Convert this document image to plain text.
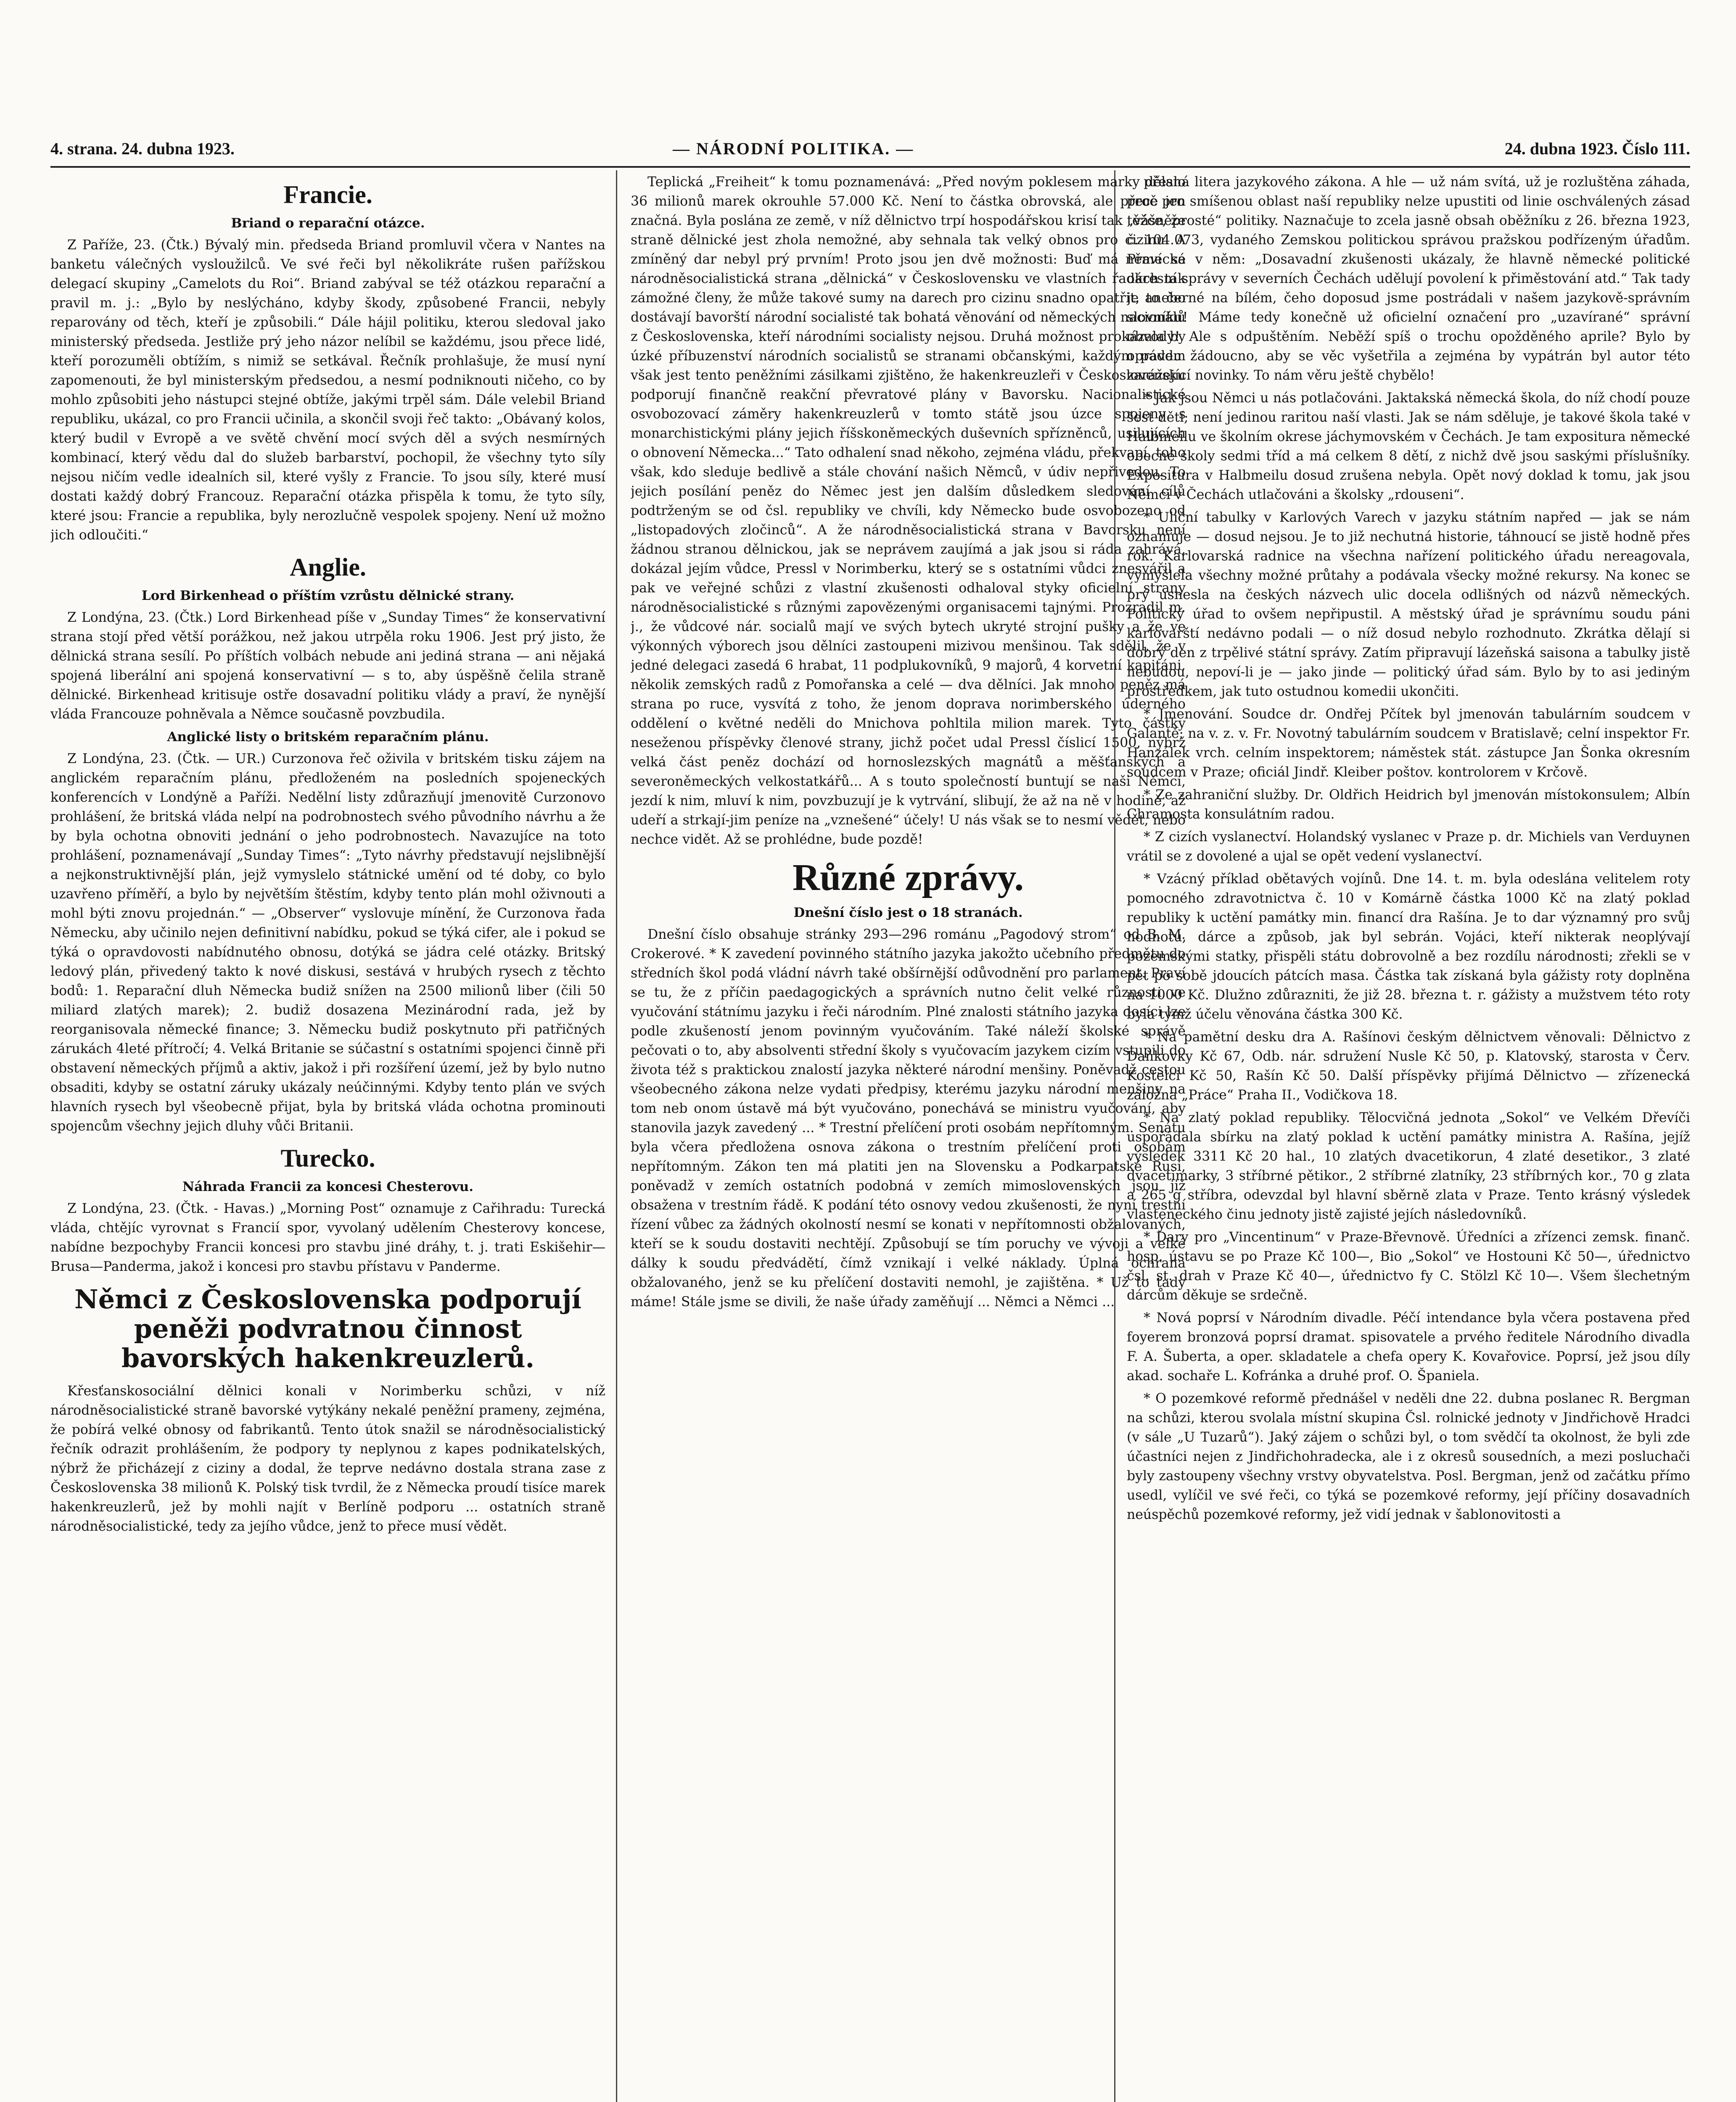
4. strana. 24. dubna 1923.	— NÁRODNÍ POLITIKA. —	24. dubna 1923. Číslo 111.
Francie.
Briand o reparační otázce.

Z Paříže, 23. (Čtk.) Bývalý min. předseda Briand promluvil včera v Nantes na banketu válečných vysloužilců. Ve své řeči byl několikráte rušen pařížskou delegací skupiny „Camelots du Roi“. Briand zabýval se též otázkou reparační a pravil m. j.: „Bylo by neslýcháno, kdyby škody, způsobené Francii, nebyly reparovány od těch, kteří je způsobili.“ Dále hájil politiku, kterou sledoval jako ministerský předseda. Jestliže prý jeho názor nelíbil se každému, jsou přece lidé, kteří porozuměli obtížím, s nimiž se setkával. Řečník prohlašuje, že musí nyní zapomenouti, že byl ministerským předsedou, a nesmí podniknouti ničeho, co by mohlo způsobiti jeho nástupci stejné obtíže, jakými trpěl sám. Dále velebil Briand republiku, ukázal, co pro Francii učinila, a skončil svoji řeč takto: „Obávaný kolos, který budil v Evropě a ve světě chvění mocí svých děl a svých nesmírných kombinací, který vědu dal do služeb barbarství, pochopil, že všechny tyto síly nejsou ničím vedle idealních sil, které vyšly z Francie. To jsou síly, které musí dostati každý dobrý Francouz. Reparační otázka přispěla k tomu, že tyto síly, které jsou: Francie a republika, byly nerozlučně vespolek spojeny. Není už možno jich odloučiti.“

Anglie.
Lord Birkenhead o příštím vzrůstu dělnické strany.

Z Londýna, 23. (Čtk.) Lord Birkenhead píše v „Sunday Times“ že konservativní strana stojí před větší porážkou, než jakou utrpěla roku 1906. Jest prý jisto, že dělnická strana sesílí. Po příštích volbách nebude ani jediná strana — ani nějaká spojená liberální ani spojená konservativní — s to, aby úspěšně čelila straně dělnické. Birkenhead kritisuje ostře dosavadní politiku vlády a praví, že nynější vláda Francouze pohněvala a Němce současně povzbudila.

Anglické listy o britském reparačním plánu.

Z Londýna, 23. (Čtk. — UR.) Curzonova řeč oživila v britském tisku zájem na anglickém reparačním plánu, předloženém na posledních spojeneckých konferencích v Londýně a Paříži. Nedělní listy zdůrazňují jmenovitě Curzonovo prohlášení, že britská vláda nelpí na podrobnostech svého původního návrhu a že by byla ochotna obnoviti jednání o jeho podrobnostech. Navazujíce na toto prohlášení, poznamenávají „Sunday Times“: „Tyto návrhy představují nejslibnější a nejkonstruktivnější plán, jejž vymyslelo státnické umění od té doby, co bylo uzavřeno příměří, a bylo by největším štěstím, kdyby tento plán mohl oživnouti a mohl býti znovu projednán.“ — „Observer“ vyslovuje mínění, že Curzonova řada Německu, aby učinilo nejen definitivní nabídku, pokud se týká cifer, ale i pokud se týká o opravdovosti nabídnutého obnosu, dotýká se jádra celé otázky. Britský ledový plán, přivedený takto k nové diskusi, sestává v hrubých rysech z těchto bodů: 1. Reparační dluh Německa budiž snížen na 2500 milionů liber (čili 50 miliard zlatých marek); 2. budiž dosazena Mezinárodní rada, jež by reorganisovala německé finance; 3. Německu budiž poskytnuto při patřičných zárukách 4leté přítročí; 4. Velká Britanie se súčastní s ostatními spojenci činně při obstavení německých příjmů a aktiv, jakož i při rozšíření území, jež by bylo nutno obsaditi, kdyby se ostatní záruky ukázaly neúčinnými. Kdyby tento plán ve svých hlavních rysech byl všeobecně přijat, byla by britská vláda ochotna prominouti spojencům všechny jejich dluhy vůči Britanii.

Turecko.
Náhrada Francii za koncesi Chesterovu.

Z Londýna, 23. (Čtk. - Havas.) „Morning Post“ oznamuje z Cařihradu: Turecká vláda, chtějíc vyrovnat s Francií spor, vyvolaný udělením Chesterovy koncese, nabídne bezpochyby Francii koncesi pro stavbu jiné dráhy, t. j. trati Eskišehir—Brusa—Panderma, jakož i koncesi pro stavbu přístavu v Panderme.

Němci z Československa podporují peněži podvratnou činnost bavorských hakenkreuzlerů.

Křesťanskosociální dělnici konali v Norimberku schůzi, v níž národněsocialistické straně bavorské vytýkány nekalé peněžní prameny, zejména, že pobírá velké obnosy od fabrikantů. Tento útok snažil se národněsocialistický řečník odrazit prohlášením, že podpory ty neplynou z kapes podnikatelských, nýbrž že přicházejí z ciziny a dodal, že teprve nedávno dostala strana zase z Československa 38 milionů K. Polský tisk tvrdil, že z Německa proudí tisíce marek hakenkreuzlerů, jež by mohli najít v Berlíně podporu ... ostatních straně národněsocialistické, tedy za jejího vůdce, jenž to přece musí vědět.

Teplická „Freiheit“ k tomu poznamenává: „Před novým poklesem marky dělalo 36 milionů marek okrouhle 57.000 Kč. Není to částka obrovská, ale přece jen značná. Byla poslána ze země, v níž dělnictvo trpí hospodářskou krisí tak těžce, že straně dělnické jest zhola nemožné, aby sehnala tak velký obnos pro cizinu. A zmíněný dar nebyl prý prvním! Proto jsou jen dvě možnosti: Buď má německá národněsocialistická strana „dělnická“ v Československu ve vlastních řadách tak zámožné členy, že může takové sumy na darech pro cizinu snadno opatřit, anebo dostávají bavorští národní socialisté tak bohatá věnování od německých nacionálů z Československa, kteří národními socialisty nejsou. Druhá možnost prokázala by úzké příbuzenství národních socialistů se stranami občanskými, každým pádem však jest tento peněžními zásilkami zjištěno, že hakenkreuzleři v Československu podporují finančně reakční převratové plány v Bavorsku. Nacionalistické osvobozovací záměry hakenkreuzlerů v tomto státě jsou úzce spojeny s monarchistickými plány jejich říšskoněmeckých duševních spřízněnců, usilujících o obnovení Německa...“ Tato odhalení snad někoho, zejména vládu, překvapí, toho však, kdo sleduje bedlivě a stále chování našich Němců, v údiv nepřivedou. To jejich posílání peněz do Němec jest jen dalším důsledkem sledování cílů podtrženým se od čsl. republiky ve chvíli, kdy Německo bude osvobozeno od „listopadových zločinců“. A že národněsocialistická strana v Bavorsku není žádnou stranou dělnickou, jak se neprávem zaujímá a jak jsou si ráda zahrává, dokázal jejím vůdce, Pressl v Norimberku, který se s ostatními vůdci znesvářil a pak ve veřejné schůzi z vlastní zkušenosti odhaloval styky oficielní strany národněsocialistické s různými zapovězenými organisacemi tajnými. Prozradil m. j., že vůdcové nár. socialů mají ve svých bytech ukryté strojní pušky a že ve výkonných výborech jsou dělníci zastoupeni mizivou menšinou. Tak sdělil, že v jedné delegaci zasedá 6 hrabat, 11 podplukovníků, 9 majorů, 4 korvetní kapitáni, několik zemských radů z Pomořanska a celé — dva dělníci. Jak mnoho peněz má strana po ruce, vysvítá z toho, že jenom doprava norimberského úderného oddělení o květné neděli do Mnichova pohltila milion marek. Tyto částky neseženou příspěvky členové strany, jichž počet udal Pressl číslicí 1500, nýbrž velká část peněz dochází od hornoslezských magnátů a měšťanských a severoněmeckých velkostatkářů... A s touto společností buntují se naši Němci, jezdí k nim, mluví k nim, povzbuzují je k vytrvání, slibují, že až na ně v hodině, až udeří a strkají-jim peníze na „vznešené“ účely! U nás však se to nesmí vědět, nebo nechce vidět. Až se prohlédne, bude pozdě!

Různé zprávy.
Dnešní číslo jest o 18 stranách.

Dnešní číslo obsahuje stránky 293—296 románu „Pagodový strom“ od B. M. Crokerové. * K zavedení povinného státního jazyka jakožto učebního předmětu do středních škol podá vládní návrh také obšírnější odůvodnění pro parlament. Praví se tu, že z příčin paedagogických a správních nutno čelit velké různosti ve vyučování státnímu jazyku i řeči národním. Plné znalosti státního jazyka dosíci lze podle zkušeností jenom povinným vyučováním. Také náleží školské správě pečovati o to, aby absolventi střední školy s vyučovacím jazykem cizím vstupili do života též s praktickou znalostí jazyka některé národní menšiny. Poněvadž cestou všeobecného zákona nelze vydati předpisy, kterému jazyku národní menšiny na tom neb onom ústavě má být vyučováno, ponechává se ministru vyučování, aby stanovila jazyk zavedený ... * Trestní přelíčení proti osobám nepřítomným. Senátu byla včera předložena osnova zákona o trestním přelíčení proti osobám nepřítomným. Zákon ten má platiti jen na Slovensku a Podkarpatské Rusi, poněvadž v zemích ostatních podobná v zemích mimoslovenských jsou již obsažena v trestním řádě. K podání této osnovy vedou zkušenosti, že nyní trestní řízení vůbec za žádných okolností nesmí se konati v nepřítomnosti obžalovaných, kteří se k soudu dostaviti nechtějí. Způsobují se tím poruchy ve vývoji a velké dálky k soudu předvádětí, čímž vznikají i velké náklady. Úplná ochrana obžalovaného, jenž se ku přelíčení dostaviti nemohl, je zajištěna. * Už to tady máme! Stále jsme se divili, že naše úřady zaměňují ... Němci a Němci ...

přesná litera jazykového zákona. A hle — už nám svítá, už je rozluštěna záhada, proč pro smíšenou oblast naší republiky nelze upustiti od linie oschválených zásad „vášněprosté“ politiky. Naznačuje to zcela jasně obsah oběžníku z 26. března 1923, č. 104.073, vydaného Zemskou politickou správou pražskou podřízeným úřadům. Praví se v něm: „Dosavadní zkušenosti ukázaly, že hlavně německé politické okresní správy v severních Čechách udělují povolení k přiměstování atd.“ Tak tady je to černé na bílém, čeho doposud jsme postrádali v našem jazykově-správním slovníku! Máme tedy konečně už oficielní označení pro „uzavírané“ správní obvody! Ale s odpuštěním. Neběží spíš o trochu opožděného aprile? Bylo by opravdu žádoucno, aby se věc vyšetřila a zejména by vypátrán byl autor této zarážející novinky. To nám věru ještě chybělo!

* Jak jsou Němci u nás potlačováni. Jaktakská německá škola, do níž chodí pouze šest dětí; není jedinou raritou naší vlasti. Jak se nám sděluje, je takové škola také v Halbmeilu ve školním okrese jáchymovském v Čechách. Je tam expositura německé obecné školy sedmi tříd a má celkem 8 dětí, z nichž dvě jsou saskými příslušníky. Expositura v Halbmeilu dosud zrušena nebyla. Opět nový doklad k tomu, jak jsou Němci v Čechách utlačováni a školsky „rdouseni“.

* Uliční tabulky v Karlových Varech v jazyku státním napřed — jak se nám oznamuje — dosud nejsou. Je to již nechutná historie, táhnoucí se jistě hodně přes rok. Karlovarská radnice na všechna nařízení politického úřadu nereagovala, vymýšlela všechny možné průtahy a podávala všecky možné rekursy. Na konec se prý usnesla na českých názvech ulic docela odlišných od názvů německých. Politický úřad to ovšem nepřipustil. A městský úřad je správnímu soudu páni karlovarští nedávno podali — o níž dosud nebylo rozhodnuto. Zkrátka dělají si dobrý den z trpělivé státní správy. Zatím připravují lázeňská saisona a tabulky jistě nebudou, nepoví-li je — jako jinde — politický úřad sám. Bylo by to asi jediným prostředkem, jak tuto ostudnou komedii ukončiti.

* Jmenování. Soudce dr. Ondřej Pčítek byl jmenován tabulárním soudcem v Galantě; na v. z. v. Fr. Novotný tabulárním soudcem v Bratislavě; celní inspektor Fr. Hanzálek vrch. celním inspektorem; náměstek stát. zástupce Jan Šonka okresním soudcem v Praze; oficiál Jindř. Kleiber poštov. kontrolorem v Krčově.

* Ze zahraniční služby. Dr. Oldřich Heidrich byl jmenován místokonsulem; Albín Chramosta konsulátním radou.

* Z cizích vyslanectví. Holandský vyslanec v Praze p. dr. Michiels van Verduynen vrátil se z dovolené a ujal se opět vedení vyslanectví.

* Vzácný příklad obětavých vojínů. Dne 14. t. m. byla odeslána velitelem roty pomocného zdravotnictva č. 10 v Komárně částka 1000 Kč na zlatý poklad republiky k uctění památky min. financí dra Rašína. Je to dar významný pro svůj hodnotu, dárce a způsob, jak byl sebrán. Vojáci, kteří nikterak neoplývají pozemskými statky, přispěli státu dobrovolně a bez rozdílu národnosti; zřekli se v pět po sobě jdoucích pátcích masa. Částka tak získaná byla gážisty roty doplněna na 1000 Kč. Dlužno zdůrazniti, že již 28. března t. r. gážisty a mužstvem této roty byla týmž účelu věnována částka 300 Kč.

* Na pamětní desku dra A. Rašínovi českým dělnictvem věnovali: Dělnictvo z Daňkovky Kč 67, Odb. nár. sdružení Nusle Kč 50, p. Klatovský, starosta v Červ. Kostelci Kč 50, Rašín Kč 50. Další příspěvky přijímá Dělnictvo — zřízenecká záložna „Práce“ Praha II., Vodičkova 18.

* Na zlatý poklad republiky. Tělocvičná jednota „Sokol“ ve Velkém Dřevíči uspořádala sbírku na zlatý poklad k uctění památky ministra A. Rašína, jejíž výsledek 3311 Kč 20 hal., 10 zlatých dvacetikorun, 4 zlaté desetikor., 3 zlaté dvacetimarky, 3 stříbrné pětikor., 2 stříbrné zlatníky, 23 stříbrných kor., 70 g zlata a 265 g stříbra, odevzdal byl hlavní sběrně zlata v Praze. Tento krásný výsledek vlasteneckého činu jednoty jistě zajisté jejích následovníků.

* Dary pro „Vincentinum“ v Praze-Břevnově. Úředníci a zřízenci zemsk. finanč. hosp. ústavu se po Praze Kč 100—, Bio „Sokol“ ve Hostouni Kč 50—, úřednictvo čsl. st. drah v Praze Kč 40—, úřednictvo fy C. Stölzl Kč 10—. Všem šlechetným dárcům děkuje se srdečně.

* Nová poprsí v Národním divadle. Péčí intendance byla včera postavena před foyerem bronzová poprsí dramat. spisovatele a prvého ředitele Národního divadla F. A. Šuberta, a oper. skladatele a chefa opery K. Kovařovice. Poprsí, jež jsou díly akad. sochaře L. Kofránka a druhé prof. O. Španiela.

* O pozemkové reformě přednášel v neděli dne 22. dubna poslanec R. Bergman na schůzi, kterou svolala místní skupina Čsl. rolnické jednoty v Jindřichově Hradci (v sále „U Tuzarů“). Jaký zájem o schůzi byl, o tom svědčí ta okolnost, že byli zde účastníci nejen z Jindřichohradecka, ale i z okresů sousedních, a mezi posluchači byly zastoupeny všechny vrstvy obyvatelstva. Posl. Bergman, jenž od začátku přímo usedl, vylíčil ve své řeči, co týká se pozemkové reformy, její příčiny dosavadních neúspěchů pozemkové reformy, jež vidí jednak v šablonovitosti a
